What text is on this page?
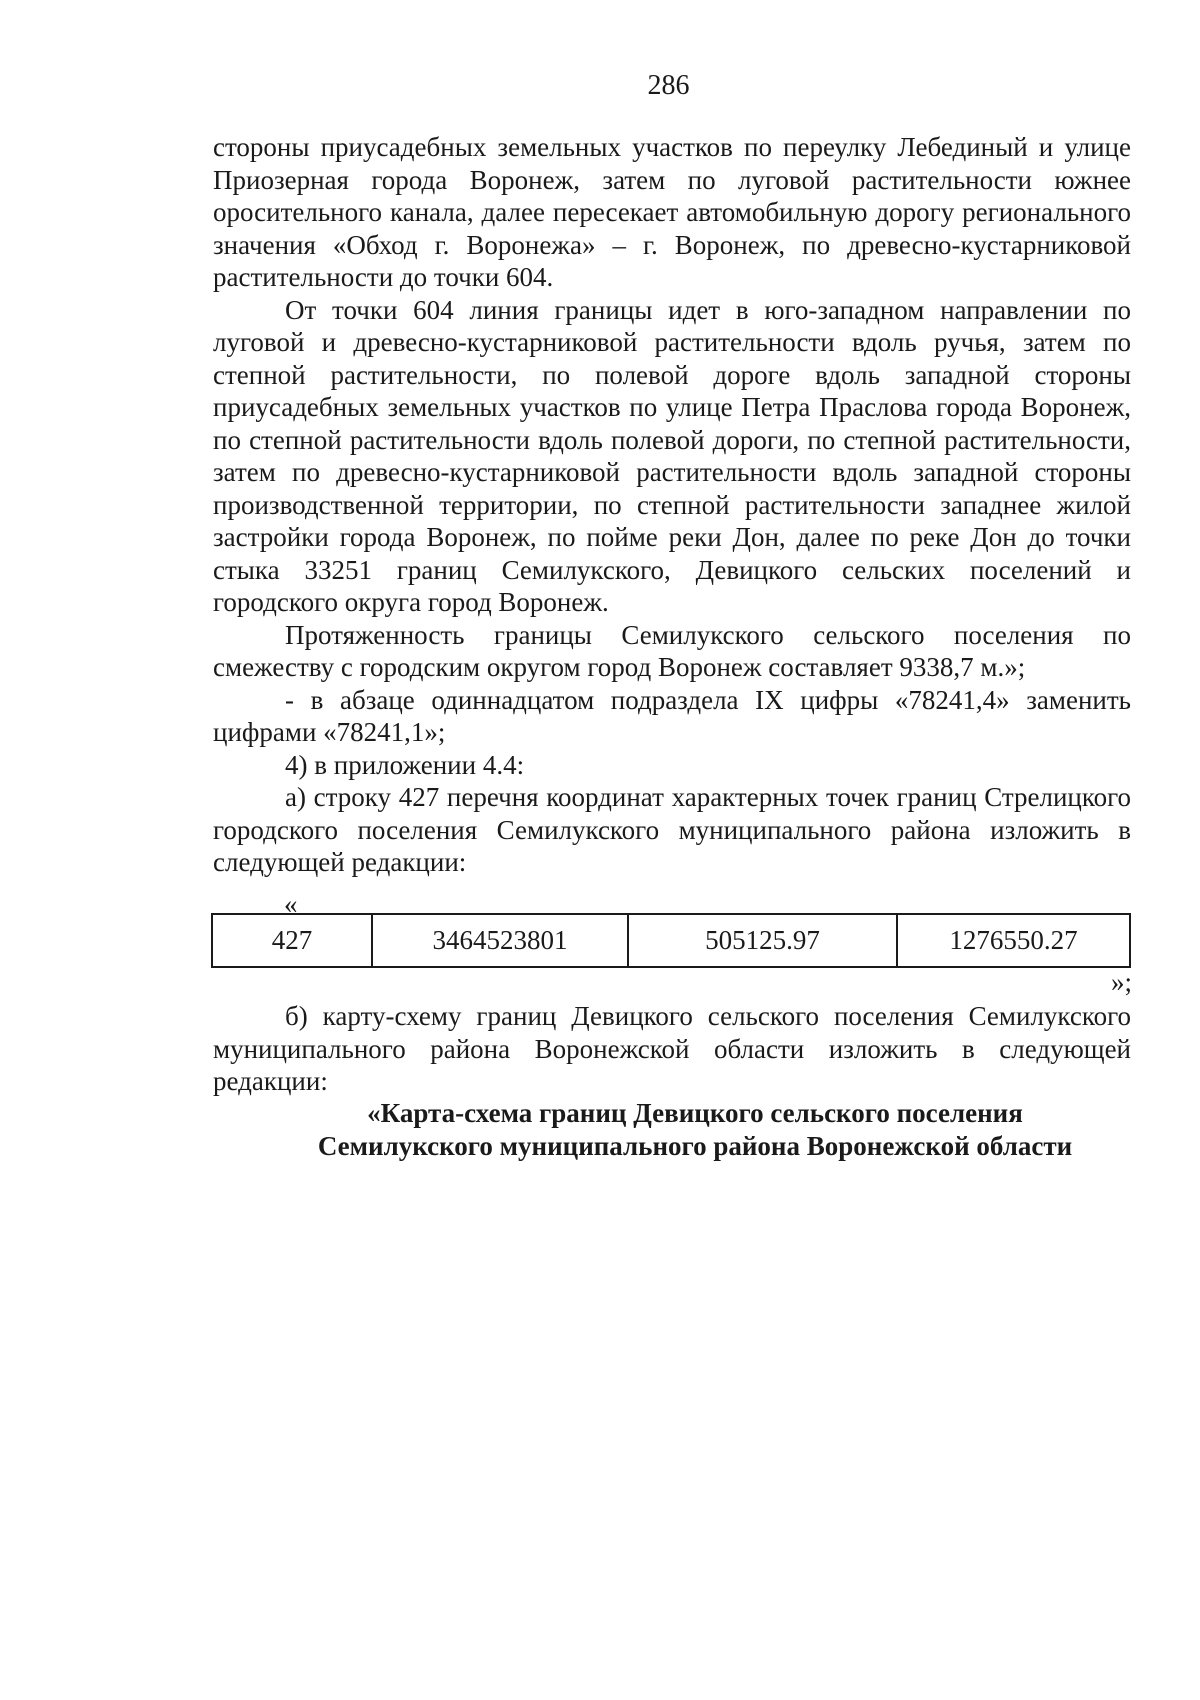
286

стороны приусадебных земельных участков по переулку Лебединый и улице Приозерная города Воронеж, затем по луговой растительности южнее оросительного канала, далее пересекает автомобильную дорогу регионального значения «Обход г. Воронежа» – г. Воронеж, по древесно-кустарниковой растительности до точки 604.

От точки 604 линия границы идет в юго-западном направлении по луговой и древесно-кустарниковой растительности вдоль ручья, затем по степной растительности, по полевой дороге вдоль западной стороны приусадебных земельных участков по улице Петра Праслова города Воронеж, по степной растительности вдоль полевой дороги, по степной растительности, затем по древесно-кустарниковой растительности вдоль западной стороны производственной территории, по степной растительности западнее жилой застройки города Воронеж, по пойме реки Дон, далее по реке Дон до точки стыка 33251 границ Семилукского, Девицкого сельских поселений и городского округа город Воронеж.

Протяженность границы Семилукского сельского поселения по смежеству с городским округом город Воронеж составляет 9338,7 м.»;

- в абзаце одиннадцатом подраздела IX цифры «78241,4» заменить цифрами «78241,1»;

4) в приложении 4.4:

а) строку 427 перечня координат характерных точек границ Стрелицкого городского поселения Семилукского муниципального района изложить в следующей редакции:

«
427	3464523801	505125.97	1276550.27
»;

б) карту-схему границ Девицкого сельского поселения Семилукского муниципального района Воронежской области изложить в следующей редакции:

«Карта-схема границ Девицкого сельского поселения
Семилукского муниципального района Воронежской области
